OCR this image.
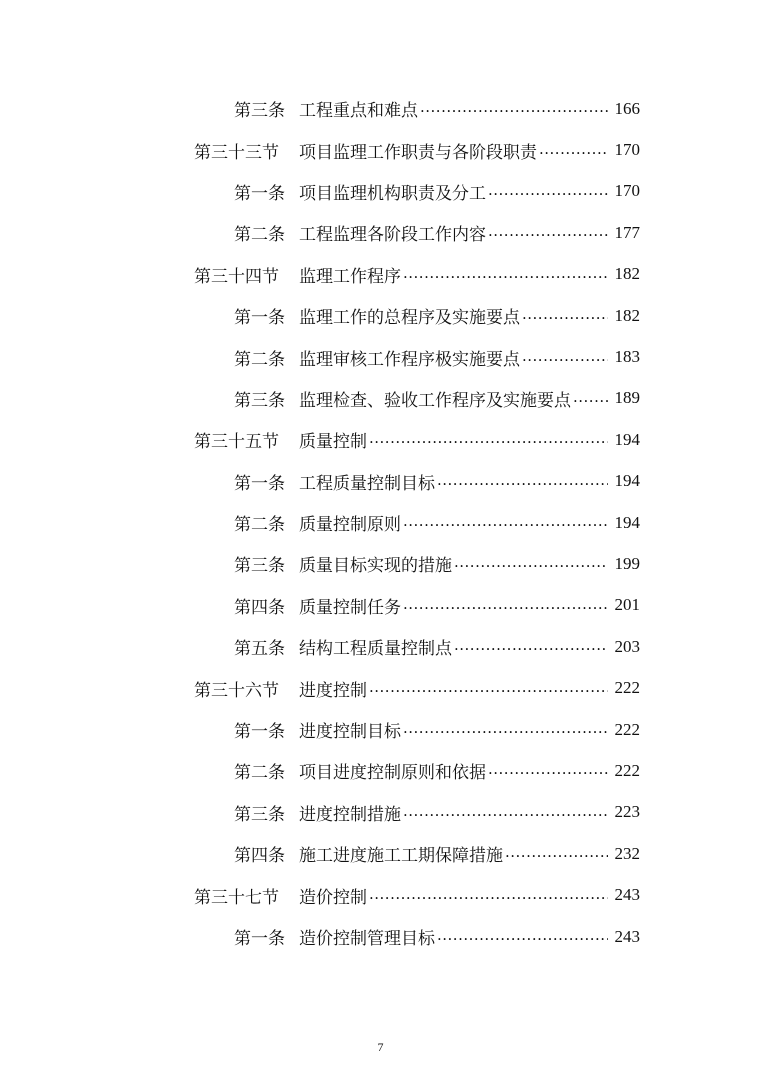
第三条 工程重点和难点 .....	166
第三十三节	项目监理工作职责与各阶段职责 .....	170
第一条 项目监理机构职责及分工 .....	170
第二条 工程监理各阶段工作内容 .....	177
第三十四节	监理工作程序 .....	182
第一条 监理工作的总程序及实施要点 .....	182
第二条 监理审核工作程序极实施要点 .....	183
第三条 监理检查、验收工作程序及实施要点 .....	189
第三十五节	质量控制 .....	194
第一条 工程质量控制目标 .....	194
第二条 质量控制原则 .....	194
第三条 质量目标实现的措施 .....	199
第四条 质量控制任务 .....	201
第五条 结构工程质量控制点 .....	203
第三十六节	进度控制 .....	222
第一条 进度控制目标 .....	222
第二条 项目进度控制原则和依据 .....	222
第三条 进度控制措施 .....	223
第四条 施工进度施工工期保障措施 .....	232
第三十七节	造价控制 .....	243
第一条 造价控制管理目标 .....	243
7
